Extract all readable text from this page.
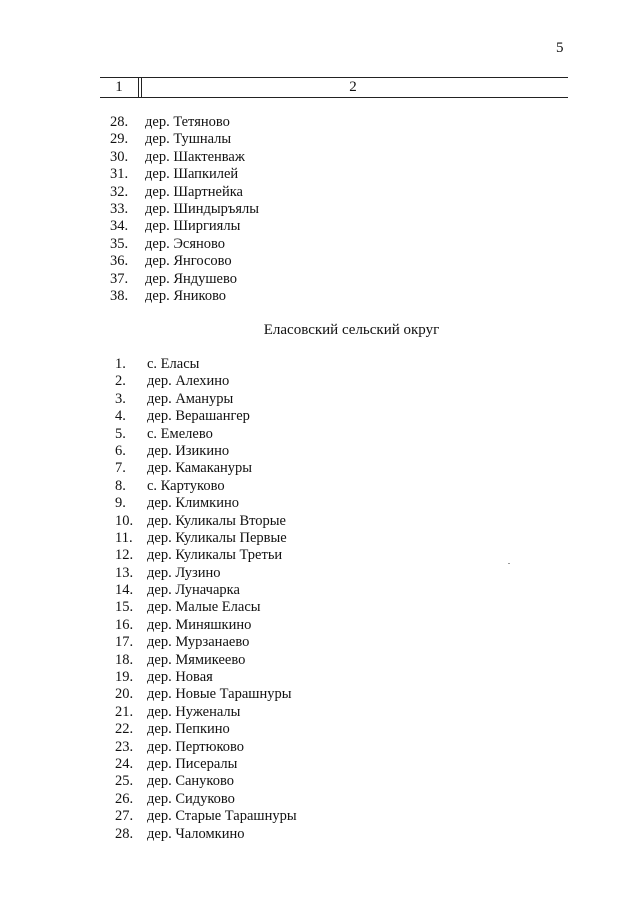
5
1	2
28. дер. Тетяново
29. дер. Тушналы
30. дер. Шактенваж
31. дер. Шапкилей
32. дер. Шартнейка
33. дер. Шиндыръялы
34. дер. Ширгиялы
35. дер. Эсяново
36. дер. Янгосово
37. дер. Яндушево
38. дер. Яниково
Еласовский сельский округ
1. с. Еласы
2. дер. Алехино
3. дер. Амануры
4. дер. Верашангер
5. с. Емелево
6. дер. Изикино
7. дер. Камакануры
8. с. Картуково
9. дер. Климкино
10. дер. Куликалы Вторые
11. дер. Куликалы Первые
12. дер. Куликалы Третьи
13. дер. Лузино
14. дер. Луначарка
15. дер. Малые Еласы
16. дер. Миняшкино
17. дер. Мурзанаево
18. дер. Мямикеево
19. дер. Новая
20. дер. Новые Тарашнуры
21. дер. Нуженалы
22. дер. Пепкино
23. дер. Пертюково
24. дер. Писералы
25. дер. Сануково
26. дер. Сидуково
27. дер. Старые Тарашнуры
28. дер. Чаломкино
